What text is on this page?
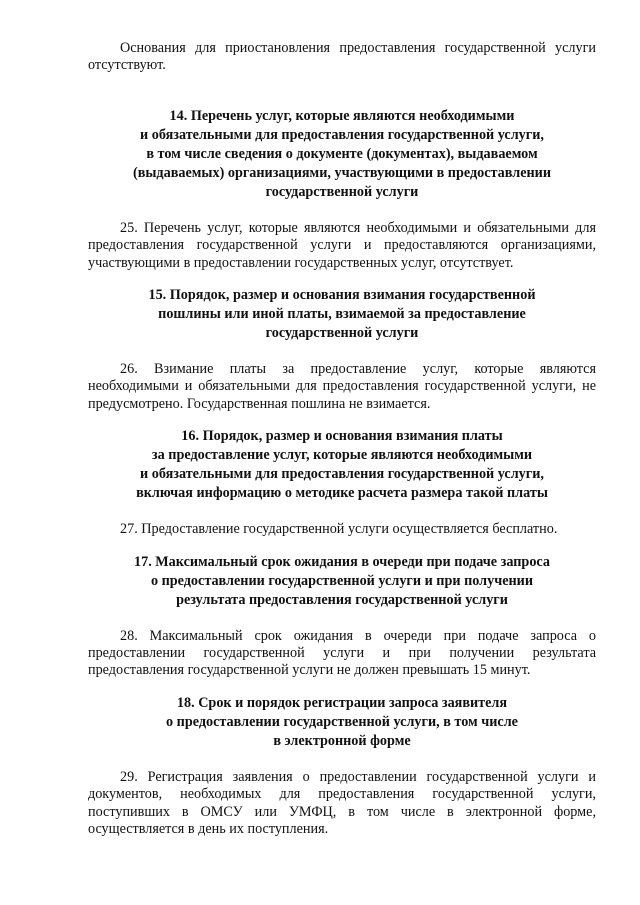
Основания для приостановления предоставления государственной услуги отсутствуют.

14. Перечень услуг, которые являются необходимыми
и обязательными для предоставления государственной услуги,
в том числе сведения о документе (документах), выдаваемом
(выдаваемых) организациями, участвующими в предоставлении
государственной услуги

25. Перечень услуг, которые являются необходимыми и обязательными для предоставления государственной услуги и предоставляются организациями, участвующими в предоставлении государственных услуг, отсутствует.

15. Порядок, размер и основания взимания государственной
пошлины или иной платы, взимаемой за предоставление
государственной услуги

26. Взимание платы за предоставление услуг, которые являются необходимыми и обязательными для предоставления государственной услуги, не предусмотрено. Государственная пошлина не взимается.

16. Порядок, размер и основания взимания платы
за предоставление услуг, которые являются необходимыми
и обязательными для предоставления государственной услуги,
включая информацию о методике расчета размера такой платы

27. Предоставление государственной услуги осуществляется бесплатно.

17. Максимальный срок ожидания в очереди при подаче запроса
о предоставлении государственной услуги и при получении
результата предоставления государственной услуги

28. Максимальный срок ожидания в очереди при подаче запроса о предоставлении государственной услуги и при получении результата предоставления государственной услуги не должен превышать 15 минут.

18. Срок и порядок регистрации запроса заявителя
о предоставлении государственной услуги, в том числе
в электронной форме

29. Регистрация заявления о предоставлении государственной услуги и документов, необходимых для предоставления государственной услуги, поступивших в ОМСУ или УМФЦ, в том числе в электронной форме, осуществляется в день их поступления.
